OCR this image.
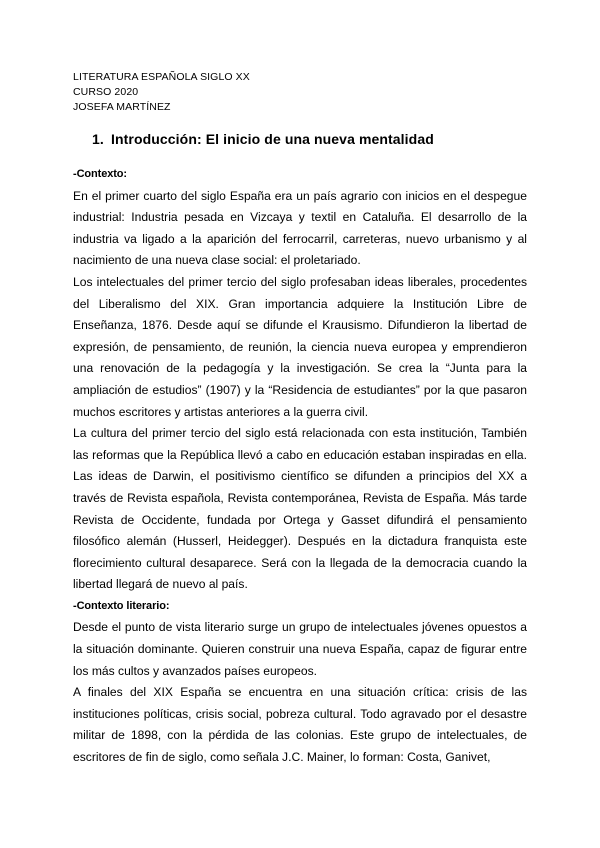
LITERATURA ESPAÑOLA SIGLO XX
CURSO 2020
JOSEFA MARTÍNEZ
1. Introducción: El inicio de una nueva mentalidad

-Contexto:

En el primer cuarto del siglo España era un país agrario con inicios en el despegue industrial: Industria pesada en Vizcaya y textil en Cataluña. El desarrollo de la industria va ligado a la aparición del ferrocarril, carreteras, nuevo urbanismo y al nacimiento de una nueva clase social: el proletariado.

Los intelectuales del primer tercio del siglo profesaban ideas liberales, procedentes del Liberalismo del XIX. Gran importancia adquiere la Institución Libre de Enseñanza, 1876. Desde aquí se difunde el Krausismo. Difundieron la libertad de expresión, de pensamiento, de reunión, la ciencia nueva europea y emprendieron una renovación de la pedagogía y la investigación. Se crea la “Junta para la ampliación de estudios” (1907) y la “Residencia de estudiantes” por la que pasaron muchos escritores y artistas anteriores a la guerra civil.

La cultura del primer tercio del siglo está relacionada con esta institución, También las reformas que la República llevó a cabo en educación estaban inspiradas en ella. Las ideas de Darwin, el positivismo científico se difunden a principios del XX a través de Revista española, Revista contemporánea, Revista de España. Más tarde Revista de Occidente, fundada por Ortega y Gasset difundirá el pensamiento filosófico alemán (Husserl, Heidegger). Después en la dictadura franquista este florecimiento cultural desaparece. Será con la llegada de la democracia cuando la libertad llegará de nuevo al país.

-Contexto literario:

Desde el punto de vista literario surge un grupo de intelectuales jóvenes opuestos a la situación dominante. Quieren construir una nueva España, capaz de figurar entre los más cultos y avanzados países europeos.

A finales del XIX España se encuentra en una situación crítica: crisis de las instituciones políticas, crisis social, pobreza cultural. Todo agravado por el desastre militar de 1898, con la pérdida de las colonias. Este grupo de intelectuales, de escritores de fin de siglo, como señala J.C. Mainer, lo forman: Costa, Ganivet,
